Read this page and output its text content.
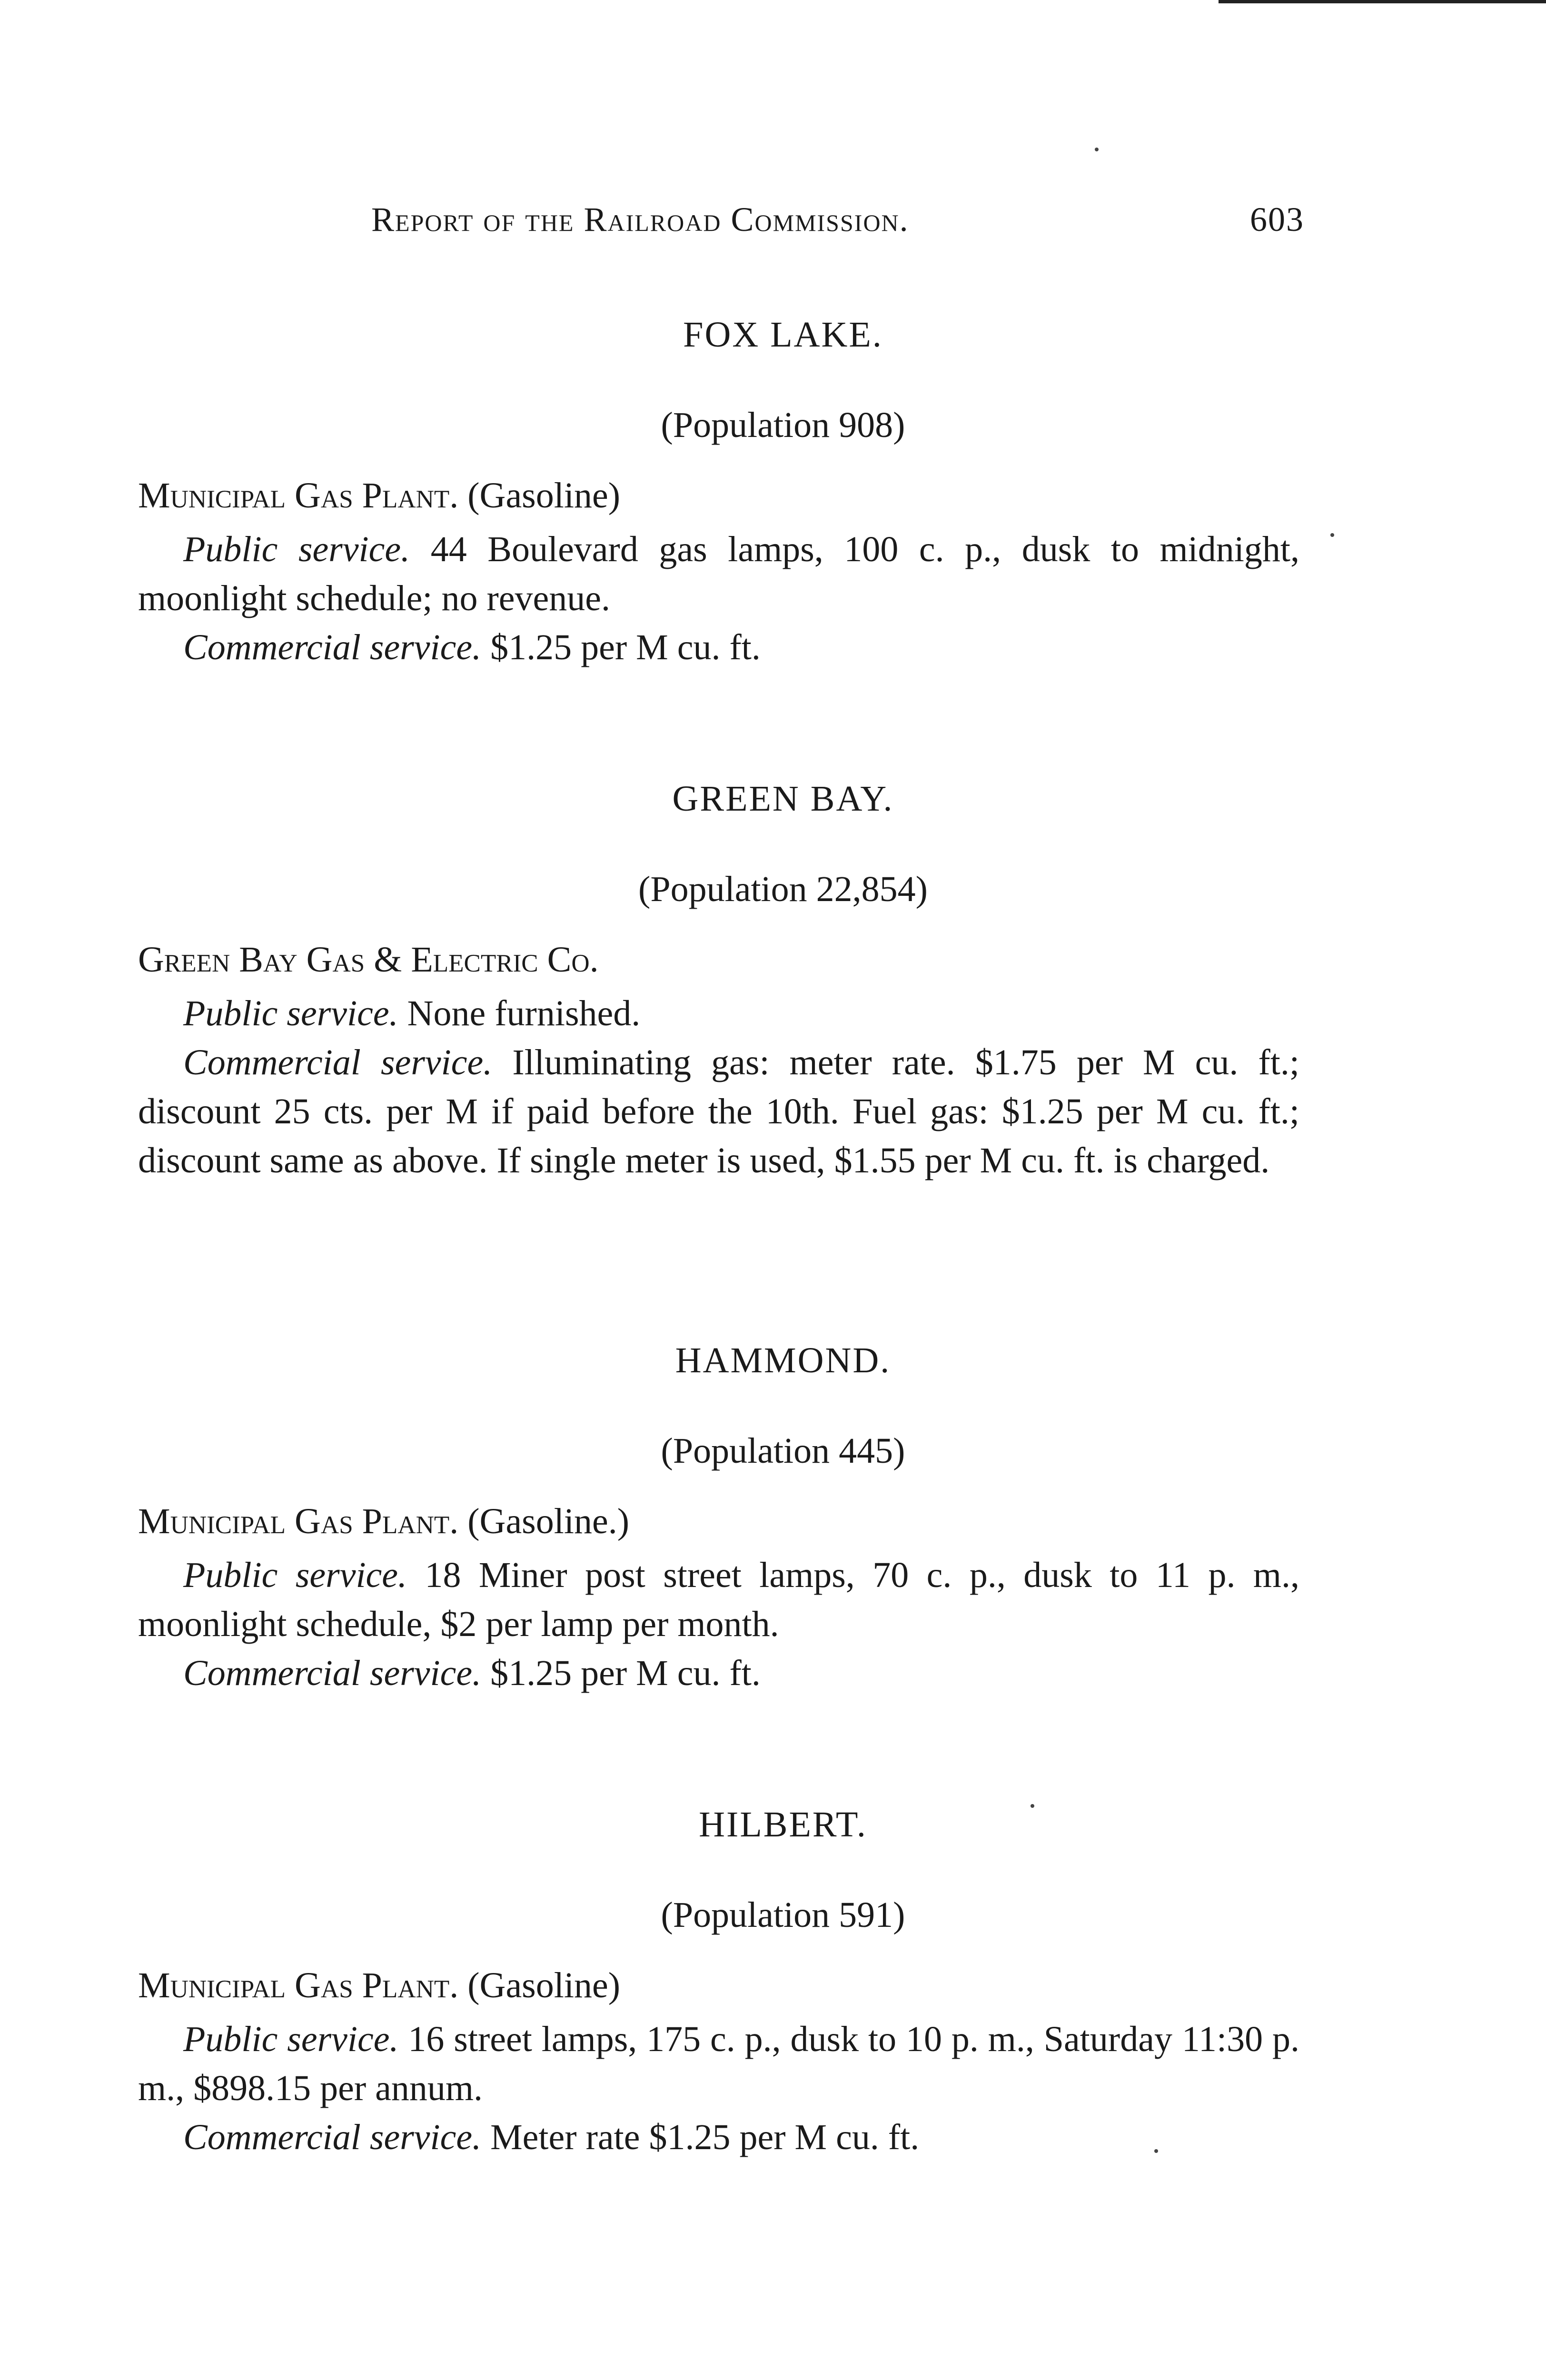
Report of the Railroad Commission.	603
FOX LAKE.
(Population 908)
Municipal Gas Plant. (Gasoline)
Public service. 44 Boulevard gas lamps, 100 c. p., dusk to midnight, moonlight schedule; no revenue.
Commercial service. $1.25 per M cu. ft.
GREEN BAY.
(Population 22,854)
Green Bay Gas & Electric Co.
Public service. None furnished.
Commercial service. Illuminating gas: meter rate. $1.75 per M cu. ft.; discount 25 cts. per M if paid before the 10th. Fuel gas: $1.25 per M cu. ft.; discount same as above. If single meter is used, $1.55 per M cu. ft. is charged.
HAMMOND.
(Population 445)
Municipal Gas Plant. (Gasoline.)
Public service. 18 Miner post street lamps, 70 c. p., dusk to 11 p. m., moonlight schedule, $2 per lamp per month.
Commercial service. $1.25 per M cu. ft.
HILBERT.
(Population 591)
Municipal Gas Plant. (Gasoline)
Public service. 16 street lamps, 175 c. p., dusk to 10 p. m., Saturday 11:30 p. m., $898.15 per annum.
Commercial service. Meter rate $1.25 per M cu. ft.
